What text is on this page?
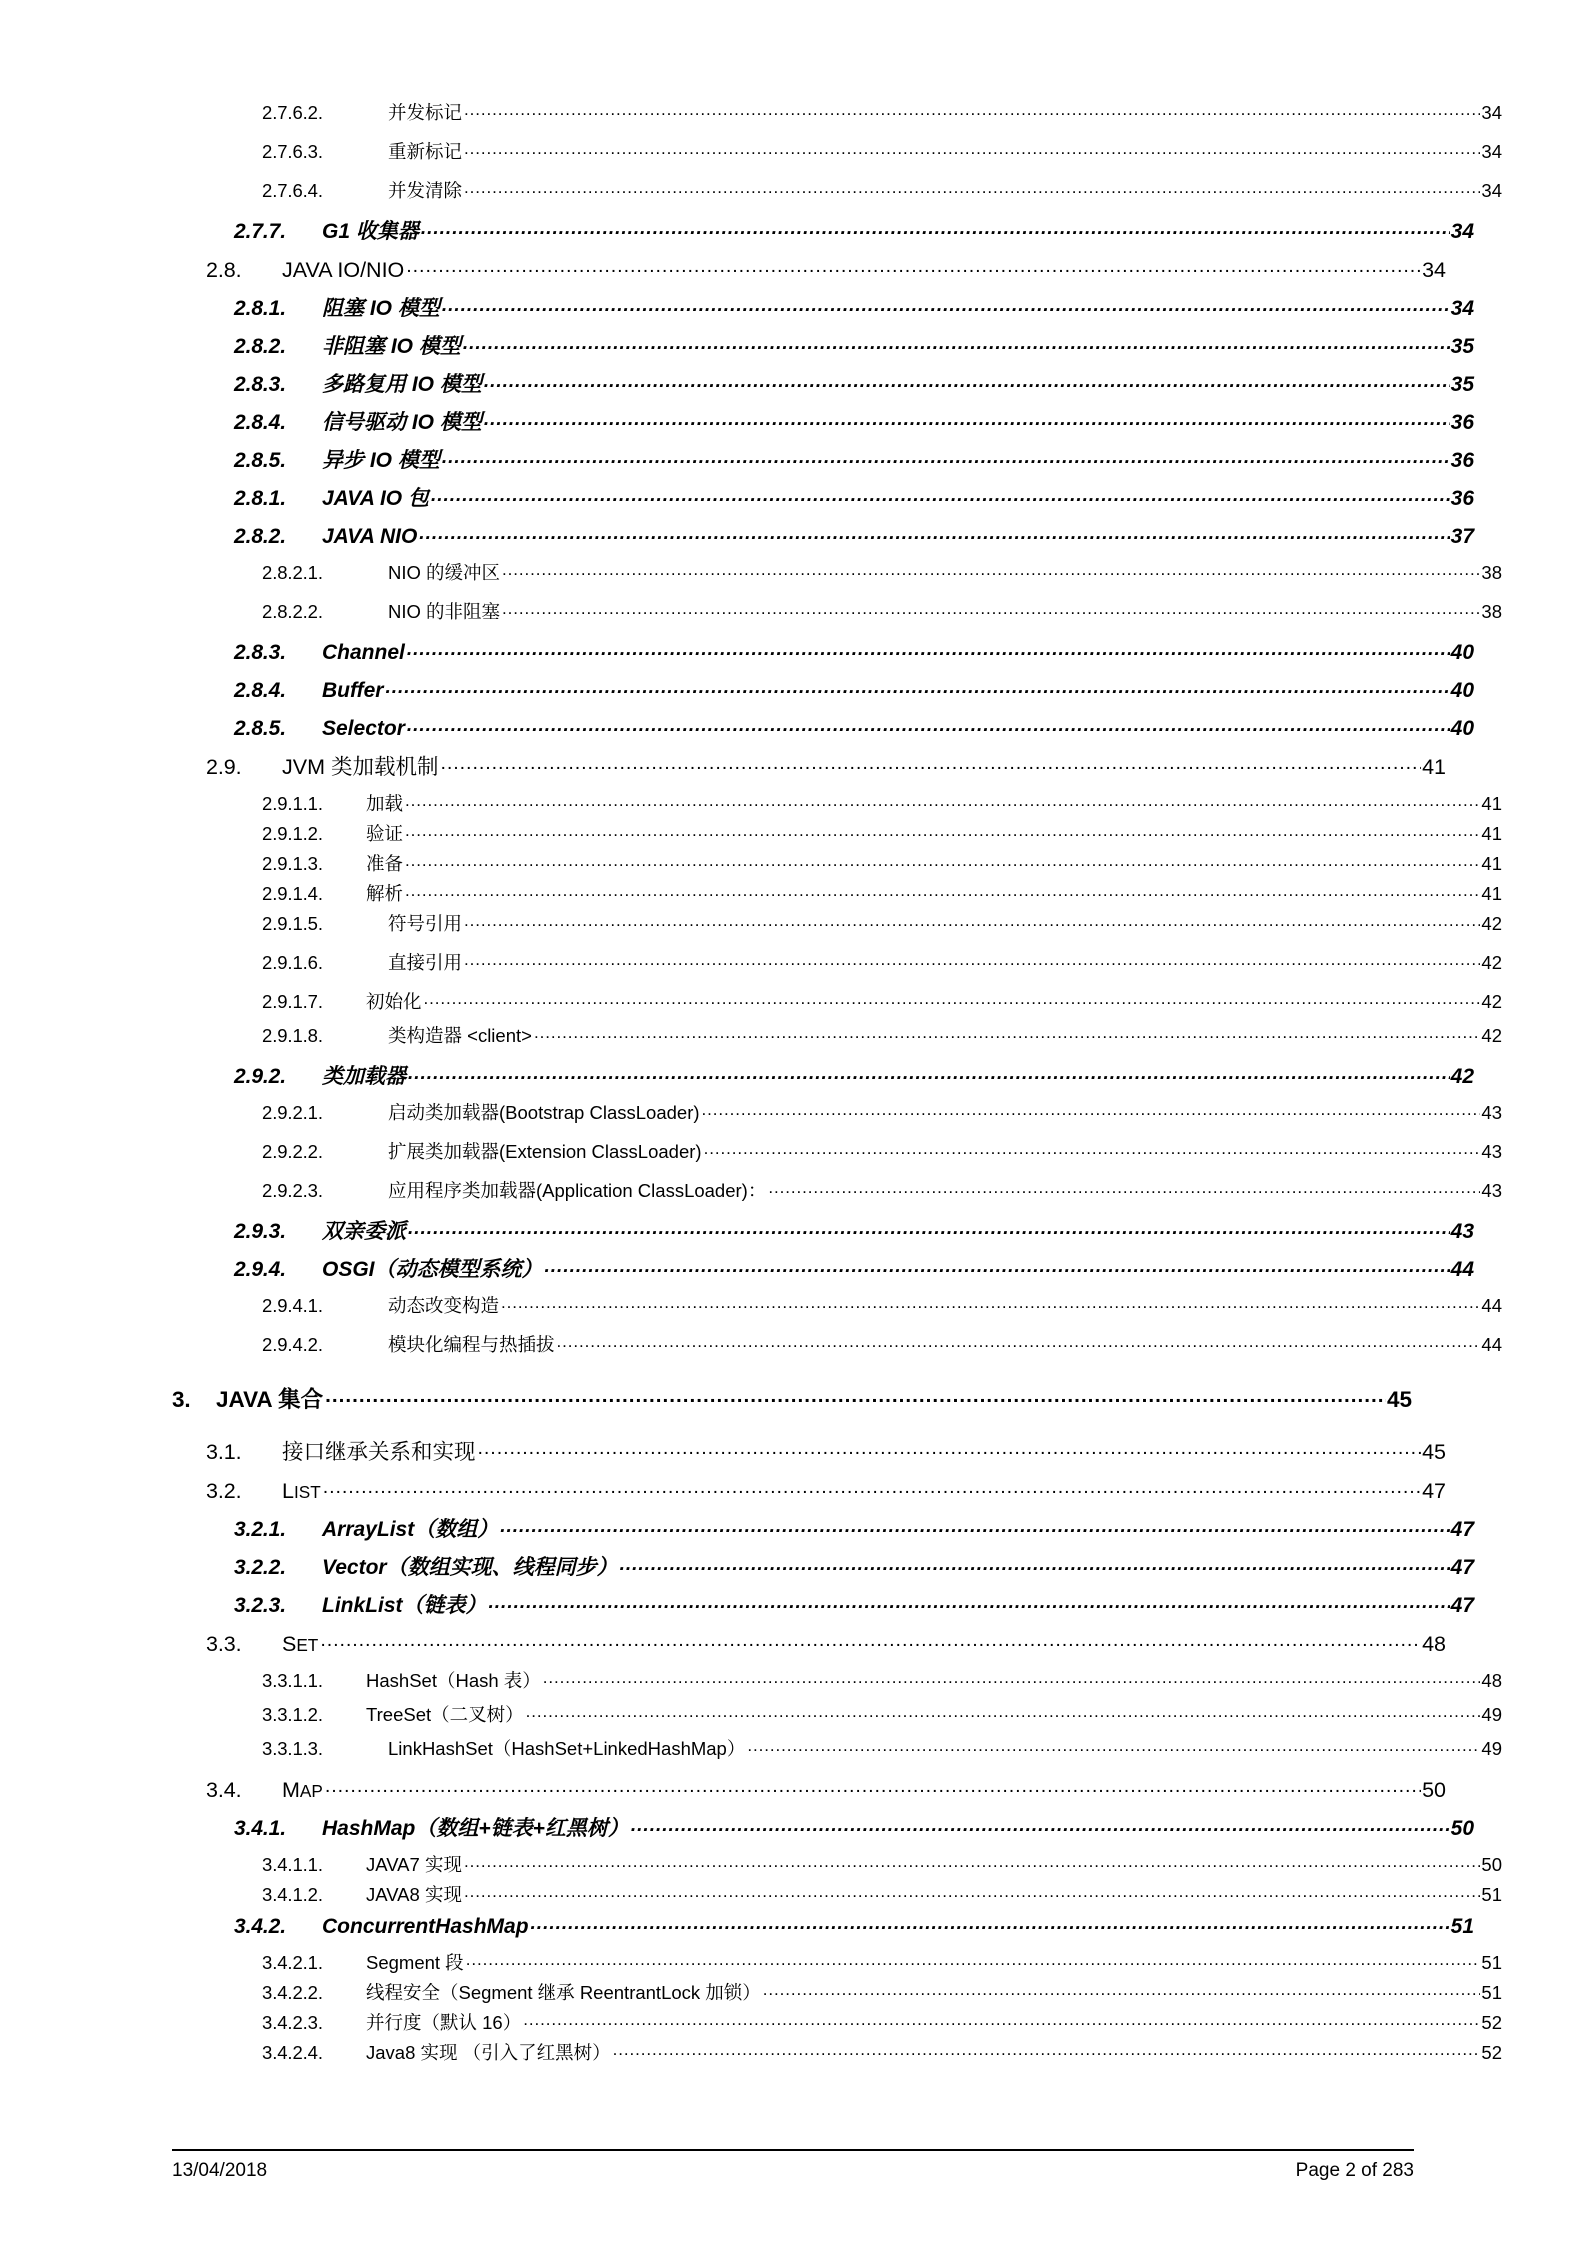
2.7.6.2.	并发标记 .....	34
2.7.6.3.	重新标记 .....	34
2.7.6.4.	并发清除 .....	34
2.7.7.	G1 收集器 .....	34
2.8.	JAVA IO/NIO .....	34
2.8.1.	阻塞 IO 模型 .....	34
2.8.2.	非阻塞 IO 模型 .....	35
2.8.3.	多路复用 IO 模型 .....	35
2.8.4.	信号驱动 IO 模型 .....	36
2.8.5.	异步 IO 模型 .....	36
2.8.1.	JAVA IO 包 .....	36
2.8.2.	JAVA NIO .....	37
2.8.2.1.	NIO 的缓冲区 .....	38
2.8.2.2.	NIO 的非阻塞 .....	38
2.8.3.	Channel .....	40
2.8.4.	Buffer .....	40
2.8.5.	Selector .....	40
2.9.	JVM 类加载机制 .....	41
2.9.1.1.	加载 .....	41
2.9.1.2.	验证 .....	41
2.9.1.3.	准备 .....	41
2.9.1.4.	解析 .....	41
2.9.1.5.	符号引用 .....	42
2.9.1.6.	直接引用 .....	42
2.9.1.7.	初始化 .....	42
2.9.1.8.	类构造器 <client> .....	42
2.9.2.	类加载器 .....	42
2.9.2.1.	启动类加载器(Bootstrap ClassLoader) .....	43
2.9.2.2.	扩展类加载器(Extension ClassLoader) .....	43
2.9.2.3.	应用程序类加载器(Application ClassLoader)： .....	43
2.9.3.	双亲委派 .....	43
2.9.4.	OSGI（动态模型系统） .....	44
2.9.4.1.	动态改变构造 .....	44
2.9.4.2.	模块化编程与热插拔 .....	44
3.	JAVA 集合 .....	45
3.1.	接口继承关系和实现 .....	45
3.2.	LIST .....	47
3.2.1.	ArrayList（数组） .....	47
3.2.2.	Vector（数组实现、线程同步） .....	47
3.2.3.	LinkList（链表） .....	47
3.3.	SET .....	48
3.3.1.1.	HashSet（Hash 表） .....	48
3.3.1.2.	TreeSet（二叉树） .....	49
3.3.1.3.	LinkHashSet（HashSet+LinkedHashMap） .....	49
3.4.	MAP .....	50
3.4.1.	HashMap（数组+链表+红黑树） .....	50
3.4.1.1.	JAVA7 实现 .....	50
3.4.1.2.	JAVA8 实现 .....	51
3.4.2.	ConcurrentHashMap .....	51
3.4.2.1.	Segment 段 .....	51
3.4.2.2.	线程安全（Segment 继承 ReentrantLock 加锁） .....	51
3.4.2.3.	并行度（默认 16） .....	52
3.4.2.4.	Java8 实现 （引入了红黑树） .....	52
13/04/2018	Page 2 of 283
